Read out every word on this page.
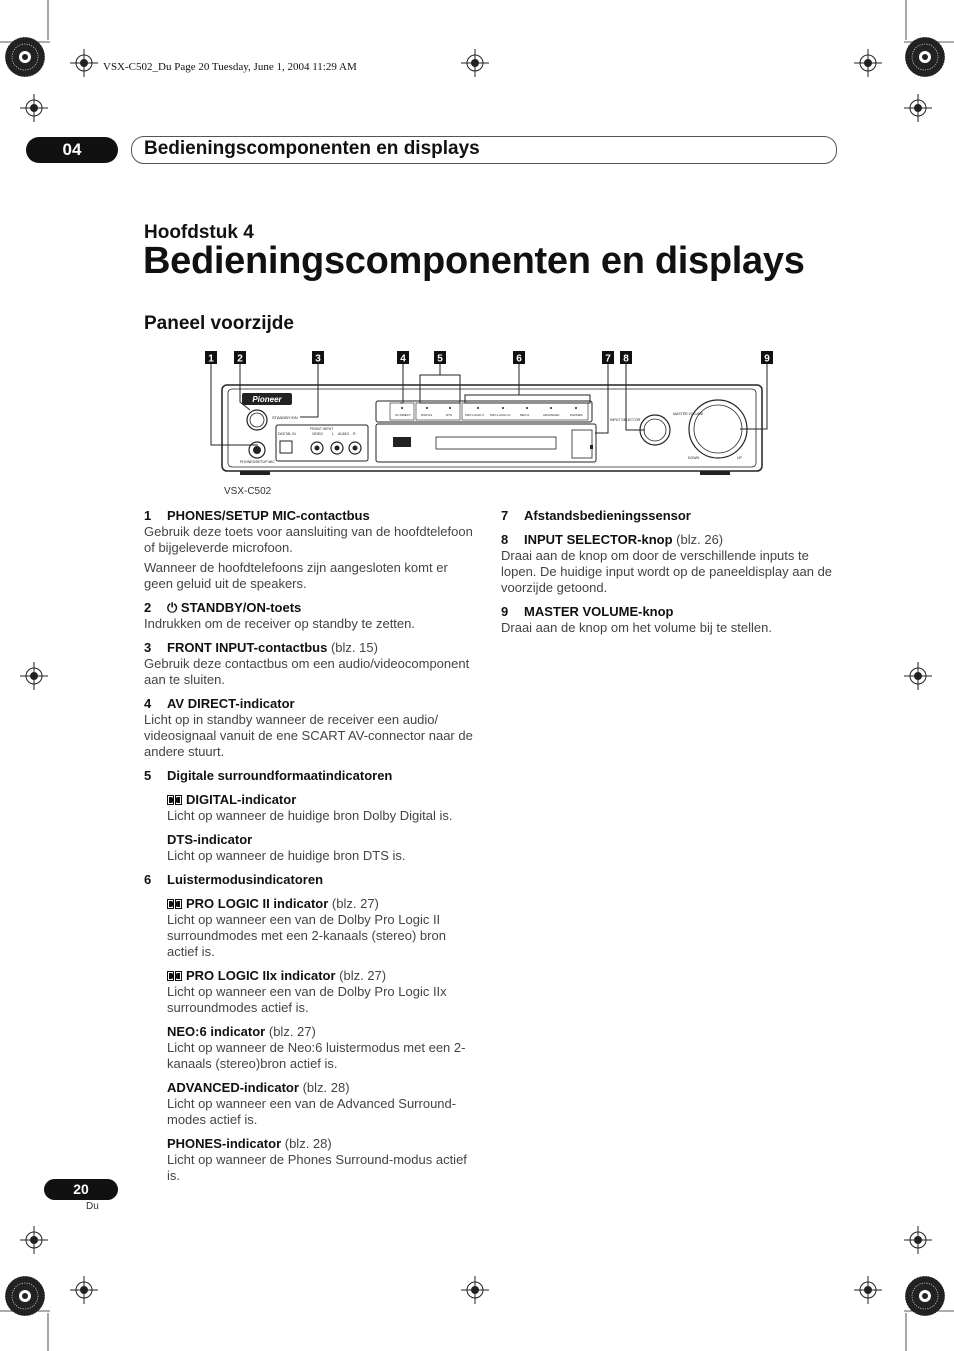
VSX-C502_Du Page 20 Tuesday, June 1, 2004 11:29 AM
04	Bedieningscomponenten en displays
Hoofdstuk 4
Bedieningscomponenten en displays
Paneel voorzijde
1 2	3	4	5	6	7 8	9
Pioneer
STANDBY/ON
PHONES/SETUP MIC
FRONT INPUT
DIGITAL IN	VIDEO	AUDIO
L	R
AV DIRECT	DIGITAL	DTS	PRO LOGIC II PRO LOGIC IIx	NEO:6	ADVANCED	PHONES
INPUT SELECTOR
MASTER VOLUME
DOWN	UP
VSX-C502
1 PHONES/SETUP MIC-contactbus
Gebruik deze toets voor aansluiting van de hoofdtelefoon of bijgeleverde microfoon.
Wanneer de hoofdtelefoons zijn aangesloten komt er geen geluid uit de speakers.
2 ⏻ STANDBY/ON-toets
Indrukken om de receiver op standby te zetten.
3 FRONT INPUT-contactbus (blz. 15)
Gebruik deze contactbus om een audio/videocomponent aan te sluiten.
4 AV DIRECT-indicator
Licht op in standby wanneer de receiver een audio/ videosignaal vanuit de ene SCART AV-connector naar de andere stuurt.
5 Digitale surroundformaatindicatoren
DIGITAL-indicator
Licht op wanneer de huidige bron Dolby Digital is.
DTS-indicator
Licht op wanneer de huidige bron DTS is.
6 Luistermodusindicatoren
PRO LOGIC II indicator (blz. 27)
Licht op wanneer een van de Dolby Pro Logic II surroundmodes met een 2-kanaals (stereo) bron actief is.
PRO LOGIC IIx indicator (blz. 27)
Licht op wanneer een van de Dolby Pro Logic IIx surroundmodes actief is.
NEO:6 indicator (blz. 27)
Licht op wanneer de Neo:6 luistermodus met een 2-kanaals (stereo)bron actief is.
ADVANCED-indicator (blz. 28)
Licht op wanneer een van de Advanced Surround-modes actief is.
PHONES-indicator (blz. 28)
Licht op wanneer de Phones Surround-modus actief is.
7 Afstandsbedieningssensor
8 INPUT SELECTOR-knop (blz. 26)
Draai aan de knop om door de verschillende inputs te lopen. De huidige input wordt op de paneeldisplay aan de voorzijde getoond.
9 MASTER VOLUME-knop
Draai aan de knop om het volume bij te stellen.
20
Du
